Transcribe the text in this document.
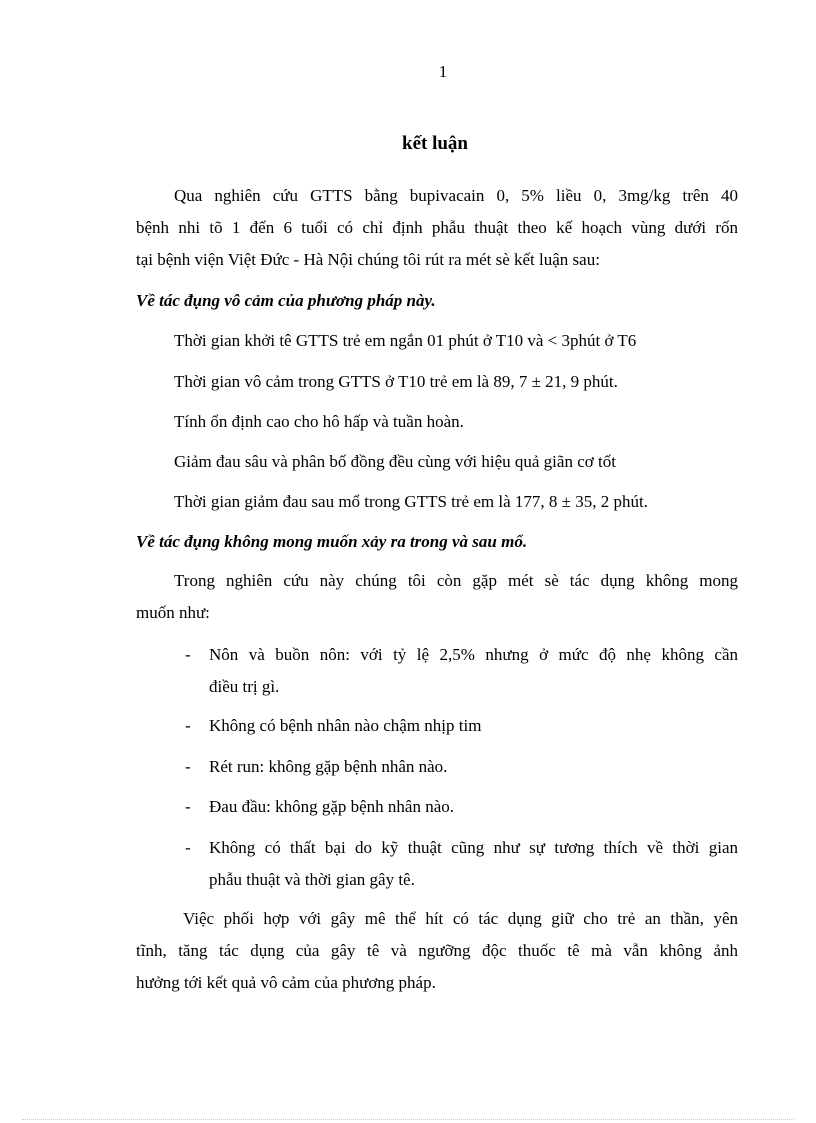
1
kết luận
Qua nghiên cứu GTTS bằng bupivacain 0, 5% liều 0, 3mg/kg trên 40
bệnh nhi tõ 1 đến 6 tuổi có chỉ định phẫu thuật theo kế hoạch vùng dưới rốn
tại bệnh viện Việt Đức - Hà Nội chúng tôi rút ra mét sè kết luận sau:
Về tác đụng vô cảm của phương pháp này.
Thời gian khởi tê GTTS trẻ em ngắn 01 phút ở T10 và < 3phút ở T6
Thời gian vô cảm trong GTTS ở T10 trẻ em là 89, 7 ± 21, 9 phút.
Tính ổn định cao cho hô hấp và tuần hoàn.
Giảm đau sâu và phân bố đồng đều cùng với hiệu quả giãn cơ tốt
Thời gian giảm đau sau mổ trong GTTS trẻ em là 177, 8 ± 35, 2 phút.
Về tác đụng không mong muốn xảy ra trong và sau mổ.
Trong nghiên cứu này chúng tôi còn gặp mét sè tác dụng không mong
muốn như:
- Nôn và buồn nôn: với tỷ lệ 2,5% nhưng ở mức độ nhẹ không cần
điều trị gì.
- Không có bệnh nhân nào chậm nhịp tim
- Rét run: không gặp bệnh nhân nào.
- Đau đầu: không gặp bệnh nhân nào.
- Không có thất bại do kỹ thuật cũng như sự tương thích về thời gian
phẫu thuật và thời gian gây tê.
Việc phối hợp với gây mê thể hít có tác dụng giữ cho trẻ an thần, yên
tĩnh, tăng tác dụng của gây tê và ngưỡng độc thuốc tê mà vẫn không ảnh
hưởng tới kết quả vô cảm của phương pháp.
